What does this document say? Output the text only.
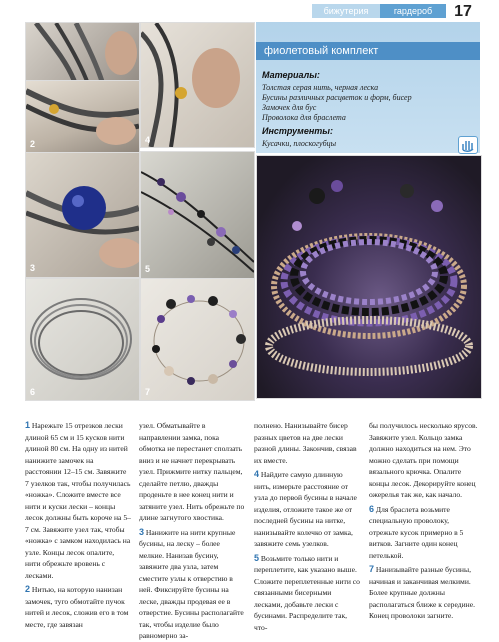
бижутерия	гардероб	17
2
3
4
5
6	7
фиолетовый комплект
Материалы:
Толстая серая нить, черная леска
Бусины различных расцветок и форм, бисер
Замочек для бус
Проволока для браслета
Инструменты:
Кусачки, плоскогубцы

1 Нарежьте 15 отрезков лески длиной 65 см и 15 кусков нити длиной 80 см. На одну из нитей нанижите замочек на расстоянии 12–15 см. Завяжите 7 узелков так, чтобы получилась «ножка». Сложите вместе все нити и куски лески – концы лесок должны быть короче на 5–7 см. Завяжите узел так, чтобы «ножка» с замком находилась на узле. Концы лесок опалите, нити обрежьте вровень с лесками.

2 Нитью, на которую нанизан замочек, туго обмотайте пучок нитей и лесок, сложив его в том месте, где завязан

узел. Обматывайте в направлении замка, пока обмотка не перестанет сползать вниз и не начнет перекрывать узел. Прижмите нитку пальцем, сделайте петлю, дважды проденьте в нее конец нити и затяните узел. Нить обрежьте по длине загнутого хвостика.

3 Нанижите на нити крупные бусины, на леску – более мелкие. Нанизав бусину, завяжите два узла, затем сместите узлы к отверстию в ней. Фиксируйте бусины на леске, дважды продевая ее в отверстие. Бусины располагайте так, чтобы изделие было равномерно за-

полнено. Нанизывайте бисер разных цветов на две лески разной длины. Закончив, связав их вместе.

4 Найдите самую длинную нить, измерьте расстояние от узла до первой бусины в начале изделия, отложите такое же от последней бусины на нитке, нанизывайте колечко от замка, завяжите семь узелков.

5 Возьмите только нити и переплетите, как указано выше. Сложите переплетенные нити со связанными бисерными лесками, добавьте лески с бусинами. Распределите так, что-

бы получилось несколько ярусов. Завяжите узел. Кольцо замка должно находиться на нем. Это можно сделать при помощи вязального крючка. Опалите концы лесок. Декорируйте конец ожерелья так же, как начало.

6 Для браслета возьмите специальную проволоку, отрежьте кусок примерно в 5 витков. Загните один конец петелькой.

7 Нанизывайте разные бусины, начиная и заканчивая мелкими. Более крупные должны располагаться ближе к середине. Конец проволоки загните.
